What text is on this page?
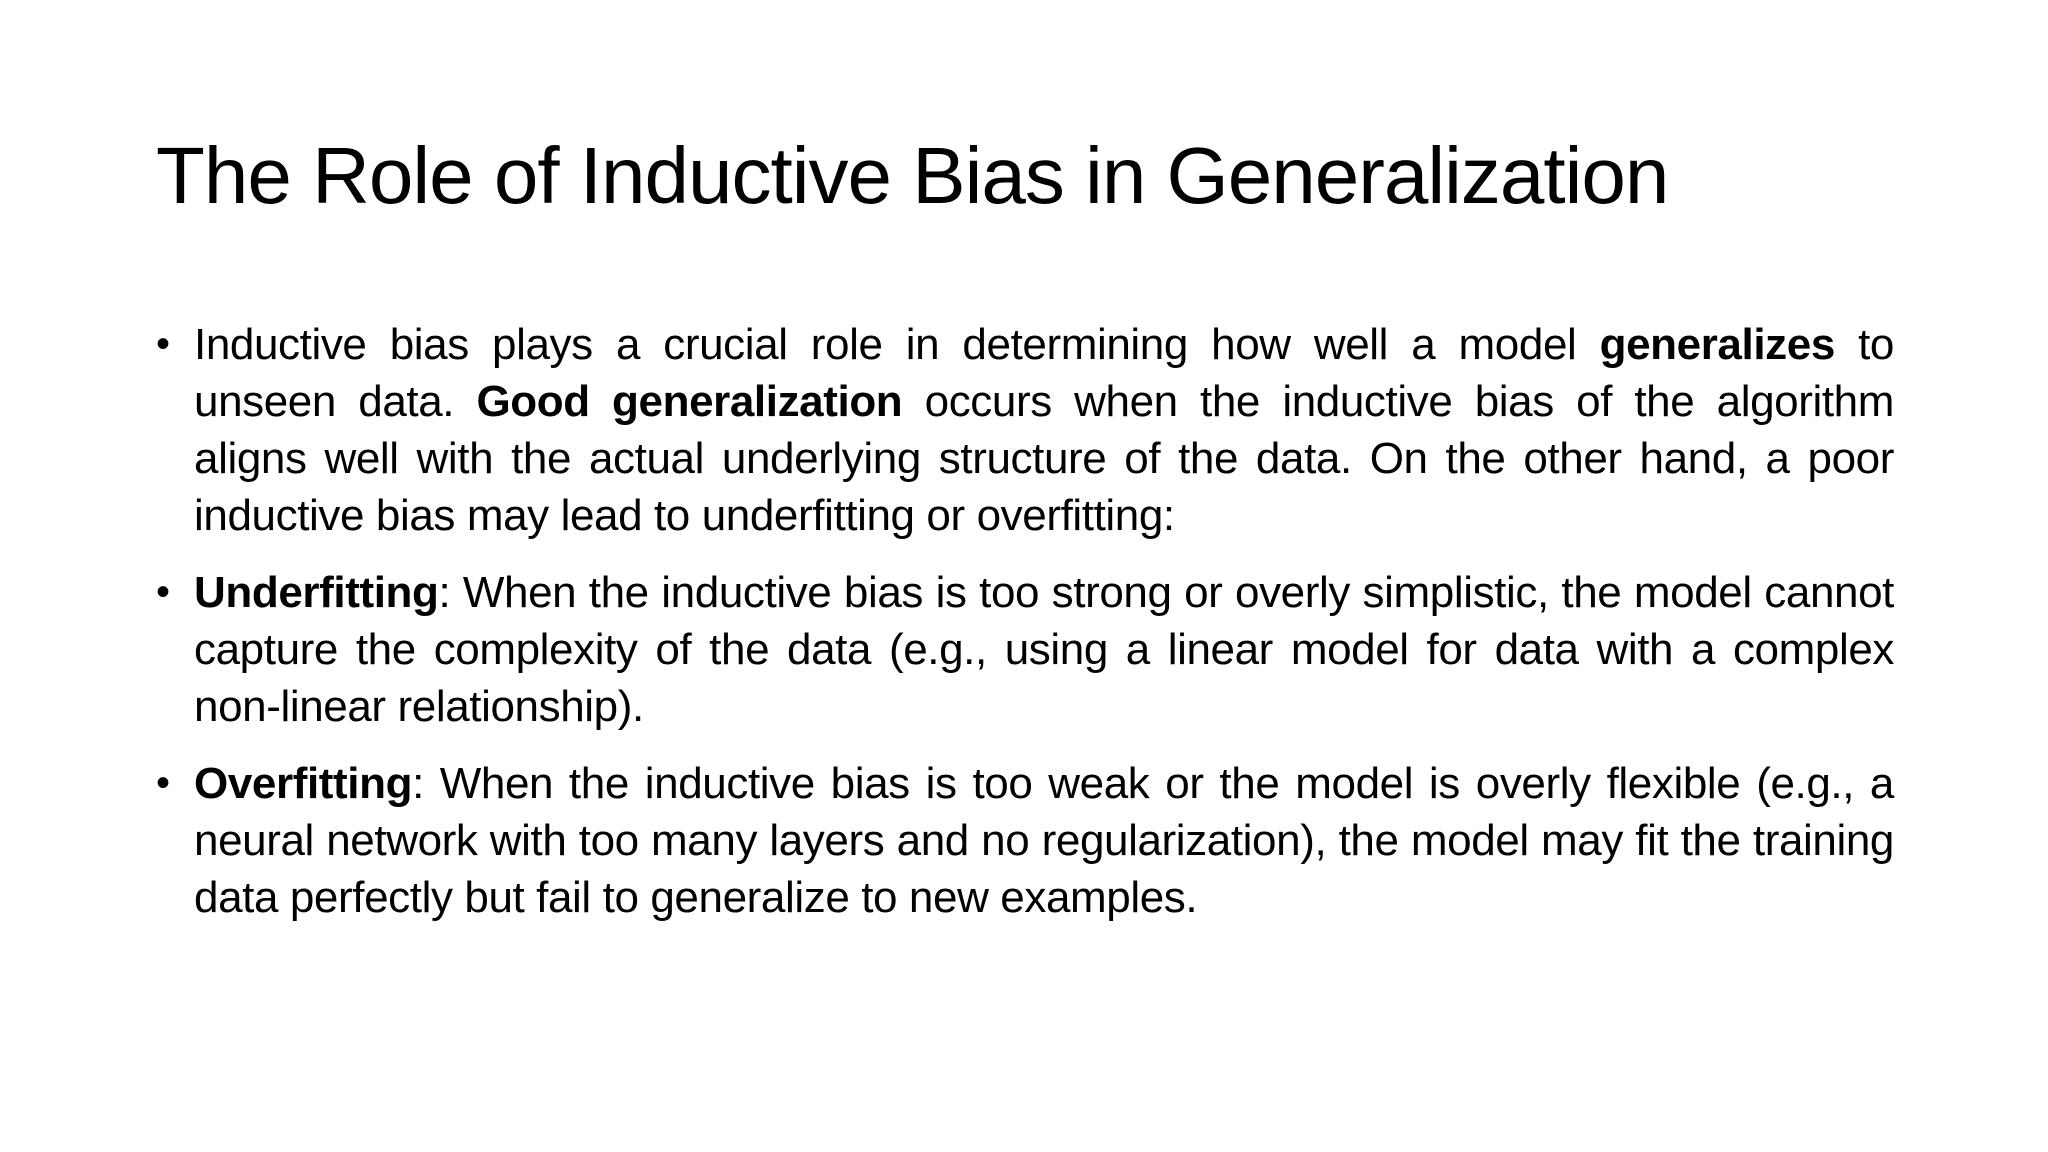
The Role of Inductive Bias in Generalization
• Inductive bias plays a crucial role in determining how well a model generalizes to unseen data. Good generalization occurs when the inductive bias of the algorithm aligns well with the actual underlying structure of the data. On the other hand, a poor inductive bias may lead to underfitting or overfitting:
• Underfitting: When the inductive bias is too strong or overly simplistic, the model cannot capture the complexity of the data (e.g., using a linear model for data with a complex non-linear relationship).
• Overfitting: When the inductive bias is too weak or the model is overly flexible (e.g., a neural network with too many layers and no regularization), the model may fit the training data perfectly but fail to generalize to new examples.
